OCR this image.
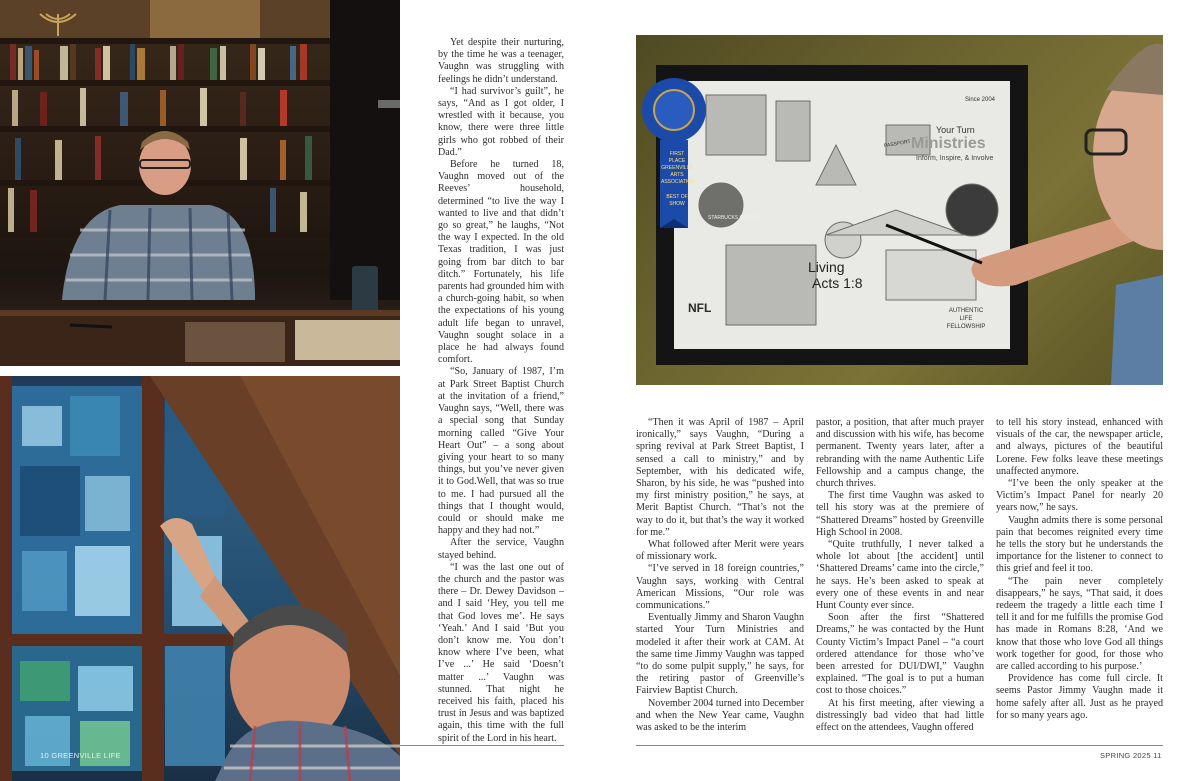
FIRST
PLACE
GREENVILLE
ARTS
ASSOCIATION
BEST OF SHOW
Since 2004
Your Turn
Ministries
Inform, Inspire, & Involve
PASSPORT
STARBUCKS COFFEE
NFL
Living
Acts 1:8
AUTHENTIC
LIFE
FELLOWSHIP

Yet despite their nurturing, by the time he was a teenager, Vaughn was struggling with feelings he didn’t understand.

“I had survivor’s guilt”, he says, “And as I got older, I wrestled with it because, you know, there were three little girls who got robbed of their Dad.”

Before he turned 18, Vaughn moved out of the Reeves’ household, determined “to live the way I wanted to live and that didn’t go so great,” he laughs, “Not the way I expected. In the old Texas tradition, I was just going from bar ditch to bar ditch.” Fortunately, his life parents had grounded him with a church-going habit, so when the expectations of his young adult life began to unravel, Vaughn sought solace in a place he had always found comfort.

“So, January of 1987, I’m at Park Street Baptist Church at the invitation of a friend,” Vaughn says, “Well, there was a special song that Sunday morning called “Give Your Heart Out” – a song about giving your heart to so many things, but you’ve never given it to God.Well, that was so true to me. I had pursued all the things that I thought would, could or should make me happy and they had not.”

After the service, Vaughn stayed behind.

“I was the last one out of the church and the pastor was there – Dr. Dewey Davidson – and I said ‘Hey, you tell me that God loves me’. He says ‘Yeah.’ And I said ‘But you don’t know me. You don’t know where I’ve been, what I’ve ...’ He said ‘Doesn’t matter ...’ Vaughn was stunned. That night he received his faith, placed his trust in Jesus and was baptized again, this time with the full spirit of the Lord in his heart.

“Then it was April of 1987 – April ironically,” says Vaughn, “During a spring revival at Park Street Baptist, I sensed a call to ministry,” and by September, with his dedicated wife, Sharon, by his side, he was “pushed into my first ministry position,” he says, at Merit Baptist Church. “That’s not the way to do it, but that’s the way it worked for me.”

What followed after Merit were years of missionary work.

“I’ve served in 18 foreign countries,” Vaughn says, working with Central American Missions, “Our role was communications.”

Eventually Jimmy and Sharon Vaughn started Your Turn Ministries and modeled it after their work at CAM. At the same time Jimmy Vaughn was tapped “to do some pulpit supply,” he says, for the retiring pastor of Greenville’s Fairview Baptist Church.

November 2004 turned into December and when the New Year came, Vaughn was asked to be the interim

pastor, a position, that after much prayer and discussion with his wife, has become permanent. Twenty years later, after a rebranding with the name Authentic Life Fellowship and a campus change, the church thrives.

The first time Vaughn was asked to tell his story was at the premiere of “Shattered Dreams” hosted by Greenville High School in 2008.

“Quite truthfully, I never talked a whole lot about [the accident] until ‘Shattered Dreams’ came into the circle,” he says. He’s been asked to speak at every one of these events in and near Hunt County ever since.

Soon after the first “Shattered Dreams,” he was contacted by the Hunt County Victim’s Impact Panel – “a court ordered attendance for those who’ve been arrested for DUI/DWI,” Vaughn explained. “The goal is to put a human cost to those choices.”

At his first meeting, after viewing a distressingly bad video that had little effect on the attendees, Vaughn offered

to tell his story instead, enhanced with visuals of the car, the newspaper article, and always, pictures of the beautiful Lorene. Few folks leave these meetings unaffected anymore.

“I’ve been the only speaker at the Victim’s Impact Panel for nearly 20 years now,” he says.

Vaughn admits there is some personal pain that becomes reignited every time he tells the story but he understands the importance for the listener to connect to this grief and feel it too.

“The pain never completely disappears,” he says, “That said, it does redeem the tragedy a little each time I tell it and for me fulfills the promise God has made in Romans 8:28, ‘And we know that those who love God all things work together for good, for those who are called according to his purpose.’

Providence has come full circle. It seems Pastor Jimmy Vaughn made it home safely after all. Just as he prayed for so many years ago.

10 GREENVILLE LIFE	SPRING 2025 11
